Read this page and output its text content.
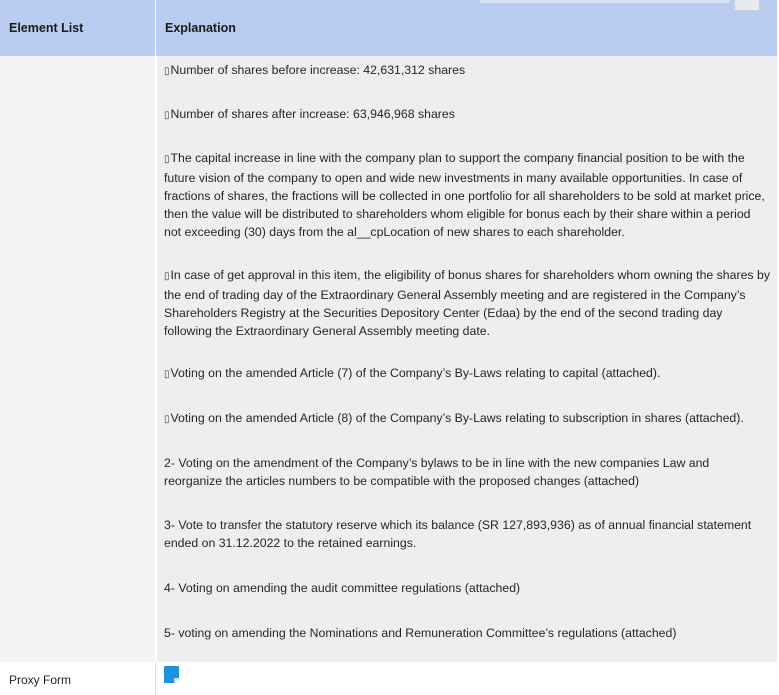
Element List	Explanation

▯Number of shares before increase: 42,631,312 shares

▯Number of shares after increase: 63,946,968 shares

▯The capital increase in line with the company plan to support the company financial position to be with the future vision of the company to open and wide new investments in many available opportunities. In case of fractions of shares, the fractions will be collected in one portfolio for all shareholders to be sold at market price, then the value will be distributed to shareholders whom eligible for bonus each by their share within a period not exceeding (30) days from the al__cpLocation of new shares to each shareholder.

▯In case of get approval in this item, the eligibility of bonus shares for shareholders whom owning the shares by the end of trading day of the Extraordinary General Assembly meeting and are registered in the Company’s Shareholders Registry at the Securities Depository Center (Edaa) by the end of the second trading day following the Extraordinary General Assembly meeting date.

▯Voting on the amended Article (7) of the Company’s By-Laws relating to capital (attached).

▯Voting on the amended Article (8) of the Company’s By-Laws relating to subscription in shares (attached).

2- Voting on the amendment of the Company’s bylaws to be in line with the new companies Law and reorganize the articles numbers to be compatible with the proposed changes (attached)

3- Vote to transfer the statutory reserve which its balance (SR 127,893,936) as of annual financial statement ended on 31.12.2022 to the retained earnings.

4- Voting on amending the audit committee regulations (attached)

5- voting on amending the Nominations and Remuneration Committee’s regulations (attached)

Proxy Form
